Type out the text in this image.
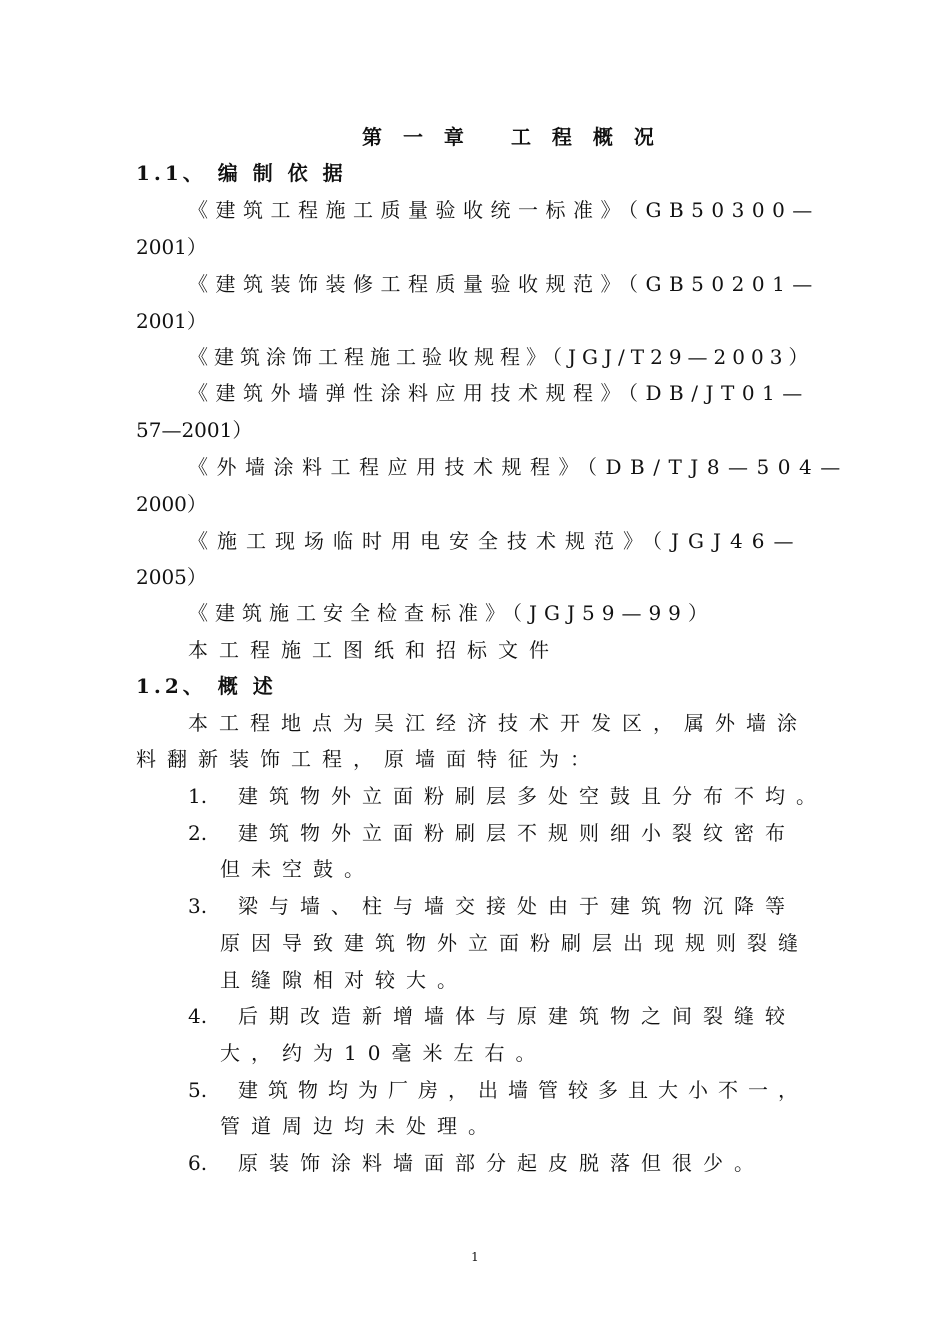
第 一 章 工 程 概 况
1.1、 编 制 依 据
《建筑工程施工质量验收统一标准》（GB50300—
2001）
《建筑装饰装修工程质量验收规范》（GB50201—
2001）
《建筑涂饰工程施工验收规程》（JGJ/T29—2003）
《建筑外墙弹性涂料应用技术规程》（DB/JT01—
57—2001）
《外墙涂料工程应用技术规程》（DB/TJ8—504—
2000）
《施工现场临时用电安全技术规范》（JGJ46—
2005）
《建筑施工安全检查标准》（JGJ59—99）
本工程施工图纸和招标文件
1.2、 概 述
本工程地点为吴江经济技术开发区，属外墙涂
料翻新装饰工程，原墙面特征为：
1. 建筑物外立面粉刷层多处空鼓且分布不均。
2. 建筑物外立面粉刷层不规则细小裂纹密布
但未空鼓。
3. 梁与墙、柱与墙交接处由于建筑物沉降等
原因导致建筑物外立面粉刷层出现规则裂缝
且缝隙相对较大。
4. 后期改造新增墙体与原建筑物之间裂缝较
大，约为10毫米左右。
5. 建筑物均为厂房，出墙管较多且大小不一，
管道周边均未处理。
6. 原装饰涂料墙面部分起皮脱落但很少。
1
